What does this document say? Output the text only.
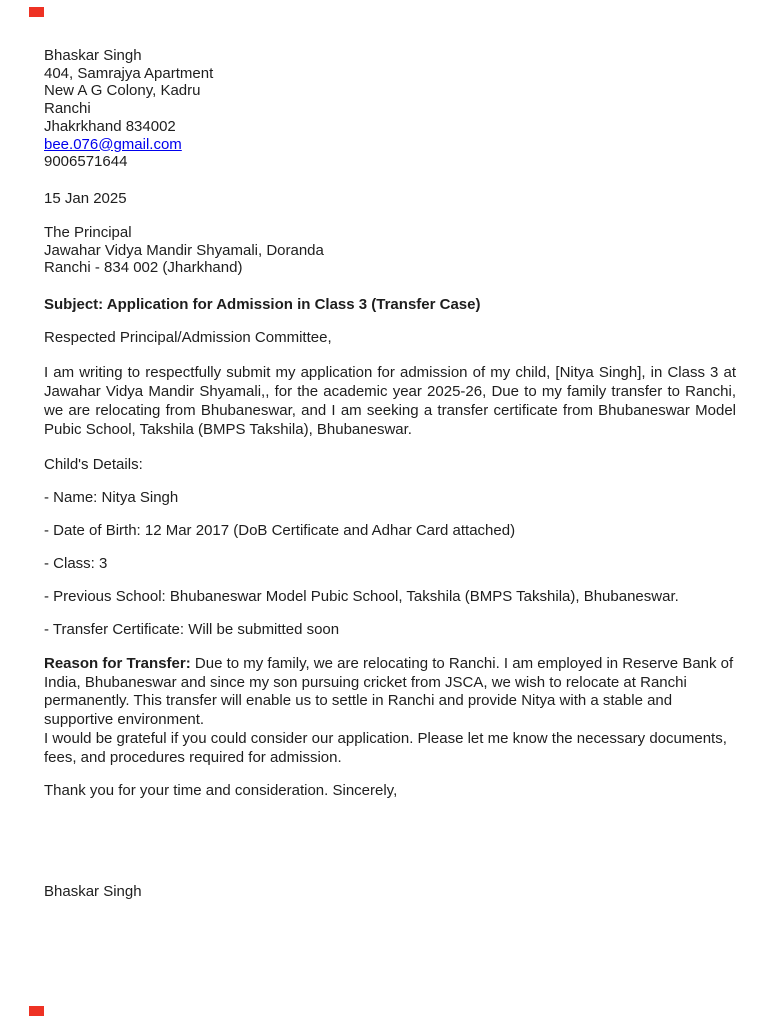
Bhaskar Singh
404, Samrajya Apartment
New A G Colony, Kadru
Ranchi
Jhakrkhand 834002
bee.076@gmail.com
9006571644

15 Jan 2025

The Principal
Jawahar Vidya Mandir Shyamali, Doranda
Ranchi - 834 002 (Jharkhand)

Subject: Application for Admission in Class 3 (Transfer Case)

Respected Principal/Admission Committee,

I am writing to respectfully submit my application for admission of my child, [Nitya Singh], in Class 3 at Jawahar Vidya Mandir Shyamali,, for the academic year 2025-26, Due to my family transfer to Ranchi, we are relocating from Bhubaneswar, and I am seeking a transfer certificate from Bhubaneswar Model Pubic School, Takshila (BMPS Takshila), Bhubaneswar.

Child's Details:

- Name: Nitya Singh

- Date of Birth: 12 Mar 2017 (DoB Certificate and Adhar Card attached)

- Class: 3

- Previous School: Bhubaneswar Model Pubic School, Takshila (BMPS Takshila), Bhubaneswar.

- Transfer Certificate: Will be submitted soon

Reason for Transfer: Due to my family, we are relocating to Ranchi. I am employed in Reserve Bank of India, Bhubaneswar and since my son pursuing cricket from JSCA, we wish to relocate at Ranchi permanently. This transfer will enable us to settle in Ranchi and provide Nitya with a stable and supportive environment.

I would be grateful if you could consider our application. Please let me know the necessary documents, fees, and procedures required for admission.

Thank you for your time and consideration. Sincerely,

Bhaskar Singh
